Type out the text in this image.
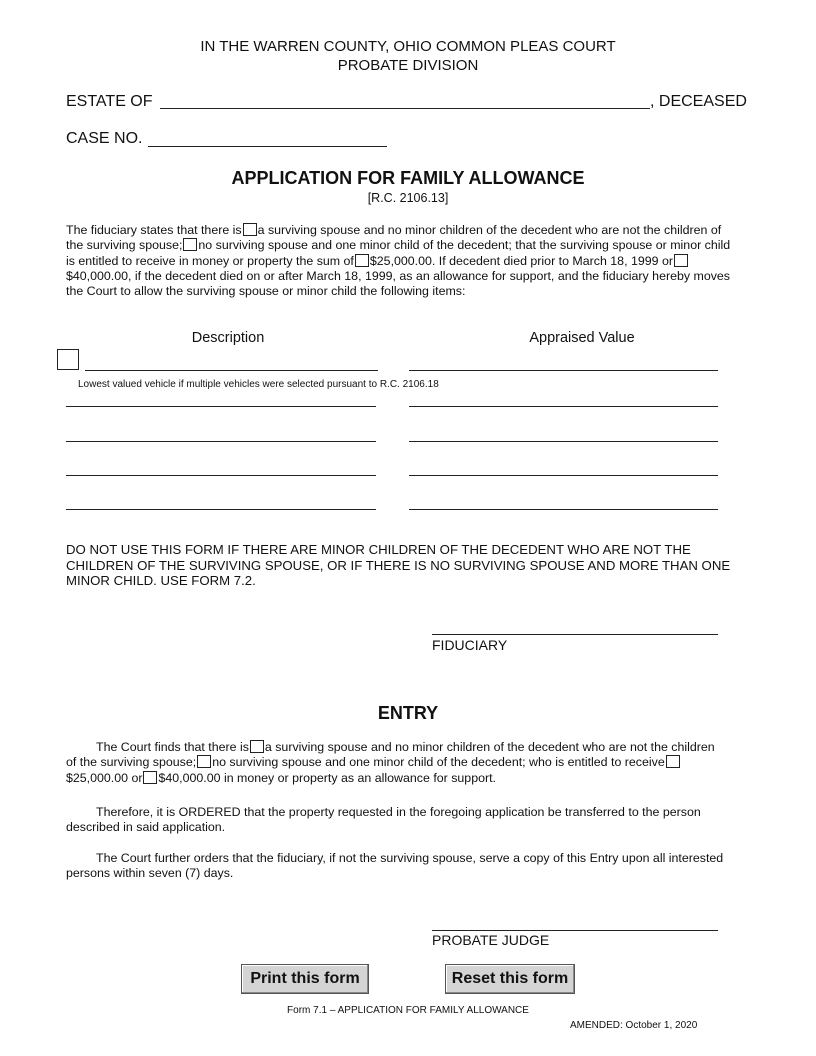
IN THE WARREN COUNTY, OHIO COMMON PLEAS COURT
PROBATE DIVISION
ESTATE OF	, DECEASED
CASE NO.
APPLICATION FOR FAMILY ALLOWANCE
[R.C. 2106.13]
The fiduciary states that there is a surviving spouse and no minor children of the decedent who are not the children of the surviving spouse; no surviving spouse and one minor child of the decedent; that the surviving spouse or minor child is entitled to receive in money or property the sum of $25,000.00. If decedent died prior to March 18, 1999 or$40,000.00, if the decedent died on or after March 18, 1999, as an allowance for support, and the fiduciary hereby moves the Court to allow the surviving spouse or minor child the following items:
Description	Appraised Value
Lowest valued vehicle if multiple vehicles were selected pursuant to R.C. 2106.18
DO NOT USE THIS FORM IF THERE ARE MINOR CHILDREN OF THE DECEDENT WHO ARE NOT THE CHILDREN OF THE SURVIVING SPOUSE, OR IF THERE IS NO SURVIVING SPOUSE AND MORE THAN ONE MINOR CHILD. USE FORM 7.2.
FIDUCIARY
ENTRY
The Court finds that there is a surviving spouse and no minor children of the decedent who are not the children of the surviving spouse; no surviving spouse and one minor child of the decedent; who is entitled to receive$25,000.00 or $40,000.00 in money or property as an allowance for support.
Therefore, it is ORDERED that the property requested in the foregoing application be transferred to the person described in said application.
The Court further orders that the fiduciary, if not the surviving spouse, serve a copy of this Entry upon all interested persons within seven (7) days.
PROBATE JUDGE
Print this form	Reset this form
Form 7.1 – APPLICATION FOR FAMILY ALLOWANCE
AMENDED: October 1, 2020
